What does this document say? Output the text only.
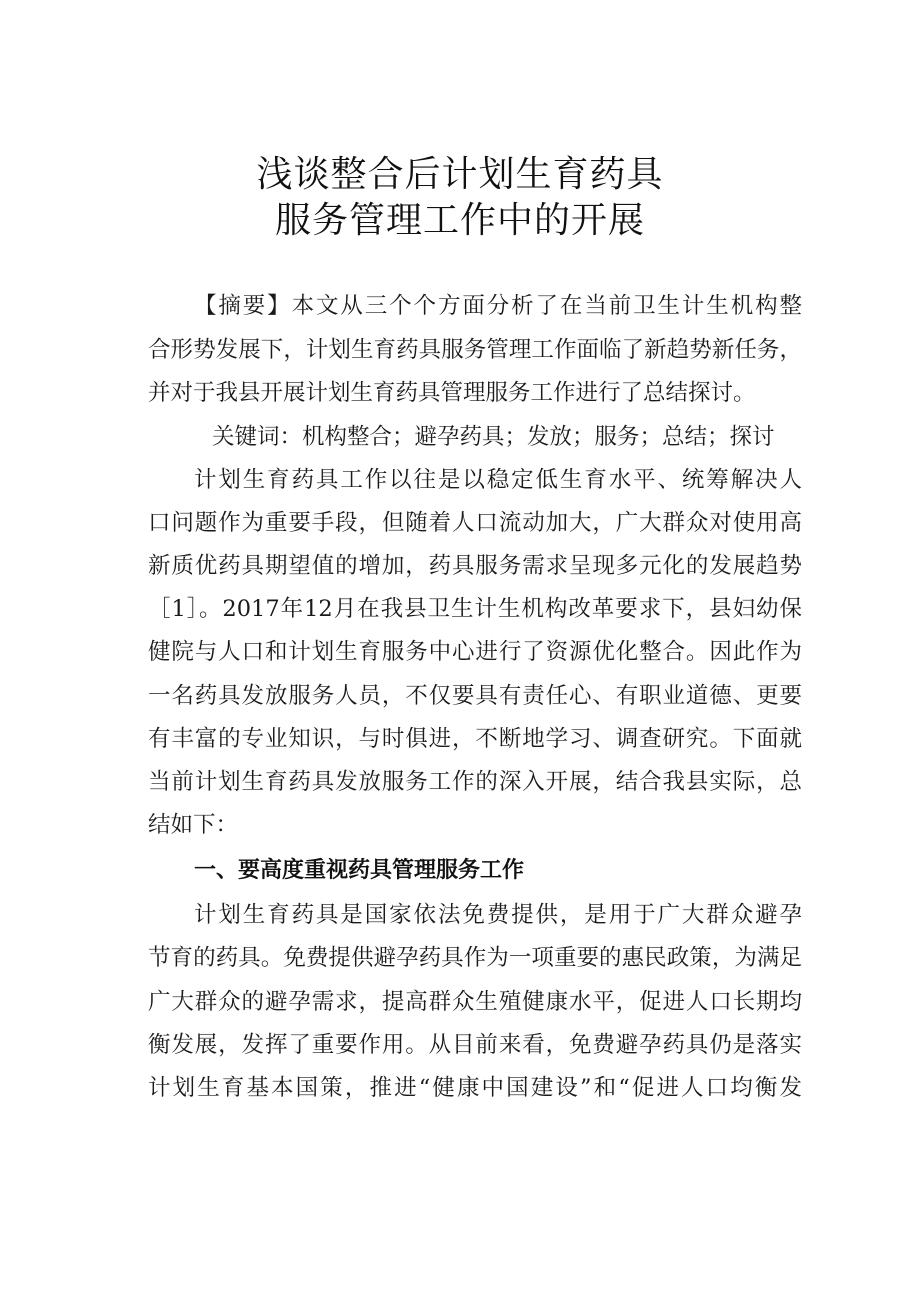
浅谈整合后计划生育药具
服务管理工作中的开展
【摘要】本文从三个个方面分析了在当前卫生计生机构整
合形势发展下，计划生育药具服务管理工作面临了新趋势新任务，
并对于我县开展计划生育药具管理服务工作进行了总结探讨。
关键词：机构整合；避孕药具；发放；服务；总结；探讨
计划生育药具工作以往是以稳定低生育水平、统筹解决人
口问题作为重要手段，但随着人口流动加大，广大群众对使用高
新质优药具期望值的增加，药具服务需求呈现多元化的发展趋势
［1］。2017年12月在我县卫生计生机构改革要求下，县妇幼保
健院与人口和计划生育服务中心进行了资源优化整合。因此作为
一名药具发放服务人员，不仅要具有责任心、有职业道德、更要
有丰富的专业知识，与时俱进，不断地学习、调查研究。下面就
当前计划生育药具发放服务工作的深入开展，结合我县实际，总
结如下：
一、要高度重视药具管理服务工作
计划生育药具是国家依法免费提供，是用于广大群众避孕
节育的药具。免费提供避孕药具作为一项重要的惠民政策，为满足
广大群众的避孕需求，提高群众生殖健康水平，促进人口长期均
衡发展，发挥了重要作用。从目前来看，免费避孕药具仍是落实
计划生育基本国策，推进“健康中国建设”和“促进人口均衡发
